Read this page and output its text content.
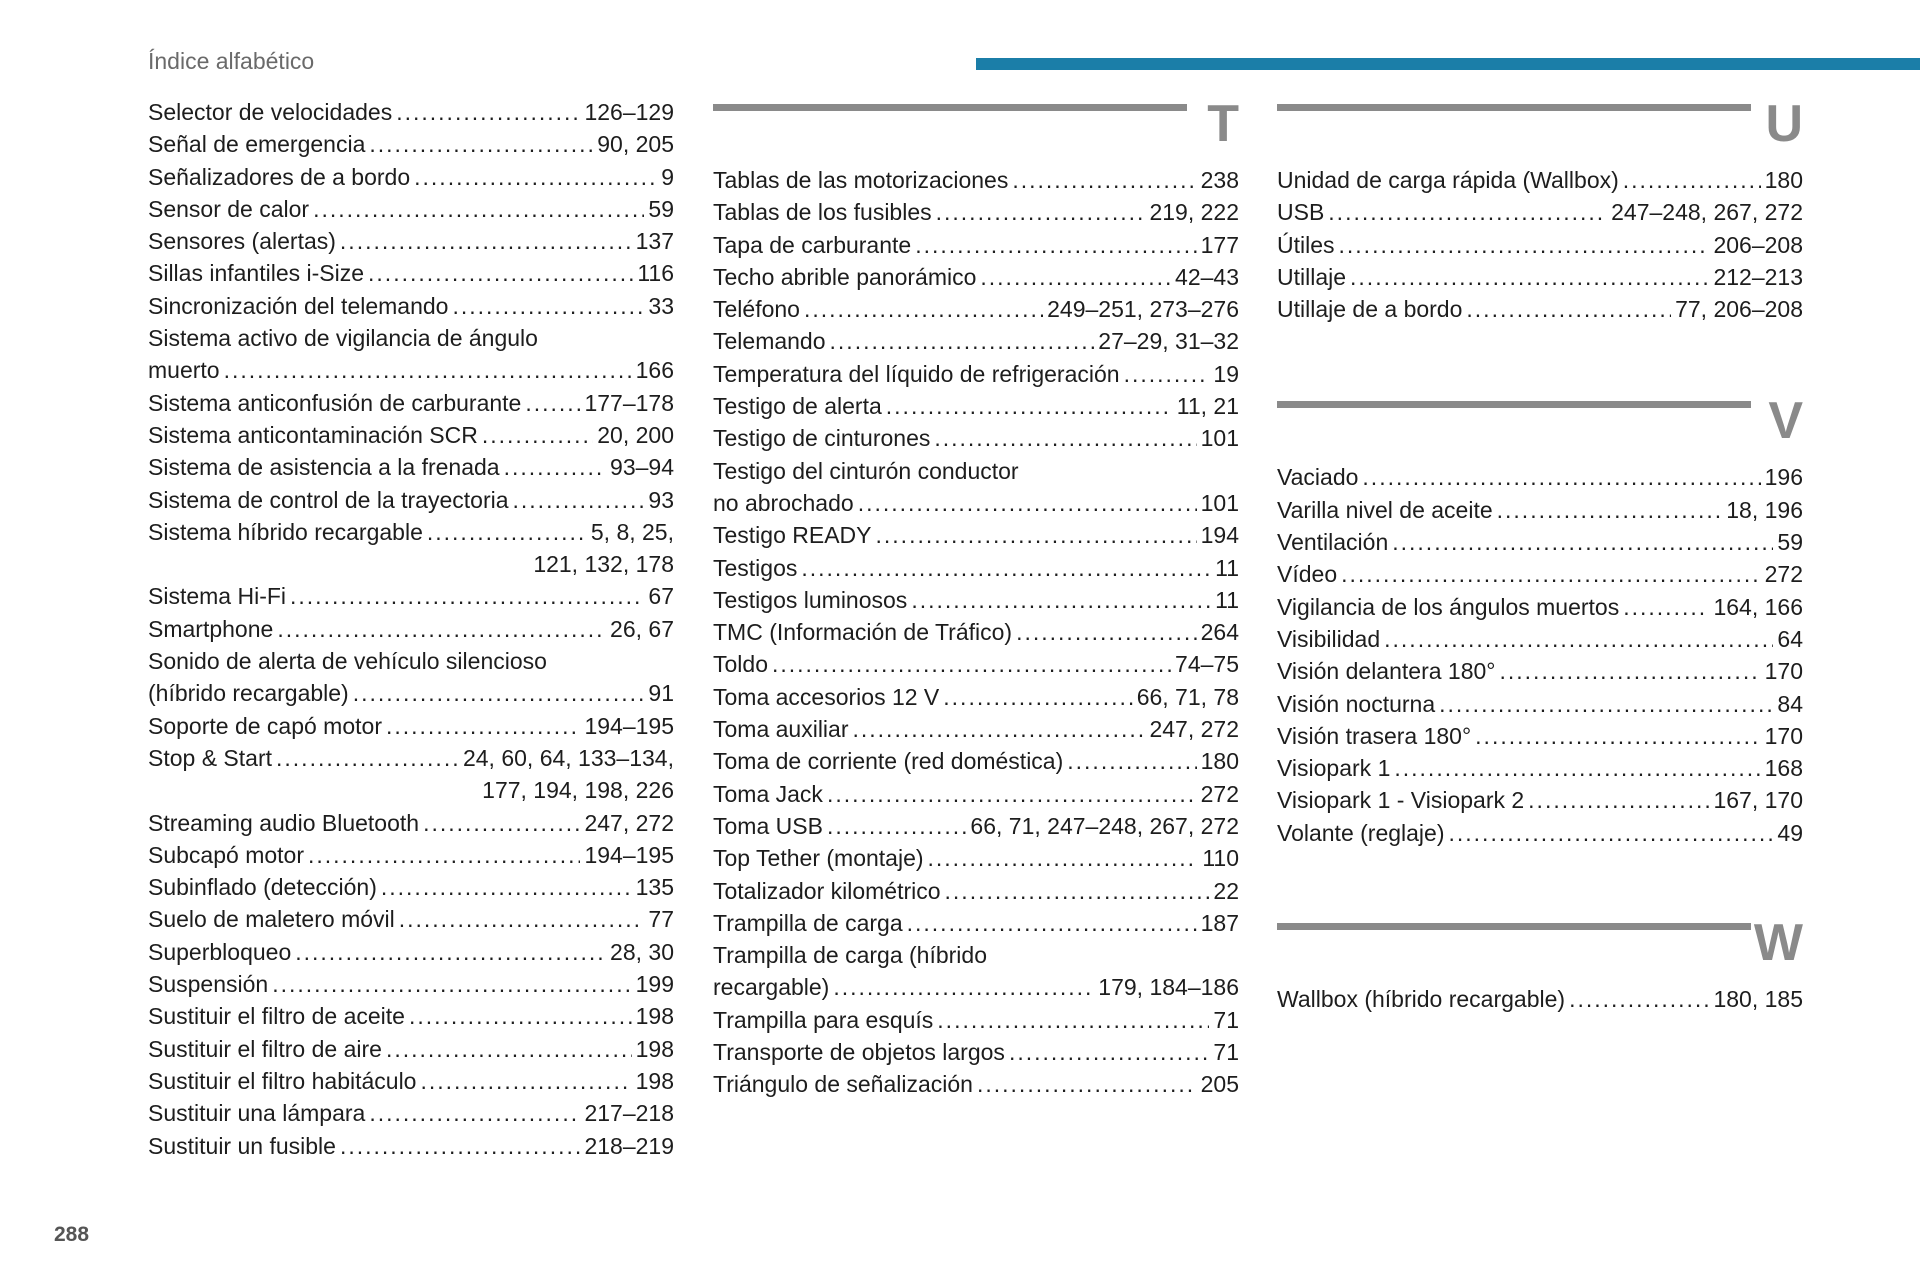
Índice alfabético
Selector de velocidades .....	126–129
Señal de emergencia .....	90, 205
Señalizadores de a bordo .....	9
Sensor de calor .....	59
Sensores (alertas) .....	137
Sillas infantiles i-Size .....	116
Sincronización del telemando .....	33
Sistema activo de vigilancia de ángulo
muerto .....	166
Sistema anticonfusión de carburante .....	177–178
Sistema anticontaminación SCR .....	20, 200
Sistema de asistencia a la frenada .....	93–94
Sistema de control de la trayectoria .....	93
Sistema híbrido recargable .....	5, 8, 25,
121, 132, 178
Sistema Hi-Fi .....	67
Smartphone .....	26, 67
Sonido de alerta de vehículo silencioso
(híbrido recargable) .....	91
Soporte de capó motor .....	194–195
Stop & Start .....	24, 60, 64, 133–134,
177, 194, 198, 226
Streaming audio Bluetooth .....	247, 272
Subcapó motor .....	194–195
Subinflado (detección) .....	135
Suelo de maletero móvil .....	77
Superbloqueo .....	28, 30
Suspensión .....	199
Sustituir el filtro de aceite .....	198
Sustituir el filtro de aire .....	198
Sustituir el filtro habitáculo .....	198
Sustituir una lámpara .....	217–218
Sustituir un fusible .....	218–219
T
Tablas de las motorizaciones .....	238
Tablas de los fusibles .....	219, 222
Tapa de carburante .....	177
Techo abrible panorámico .....	42–43
Teléfono .....	249–251, 273–276
Telemando .....	27–29, 31–32
Temperatura del líquido de refrigeración .....	19
Testigo de alerta .....	11, 21
Testigo de cinturones .....	101
Testigo del cinturón conductor
no abrochado .....	101
Testigo READY .....	194
Testigos .....	11
Testigos luminosos .....	11
TMC (Información de Tráfico) .....	264
Toldo .....	74–75
Toma accesorios 12 V .....	66, 71, 78
Toma auxiliar .....	247, 272
Toma de corriente (red doméstica) .....	180
Toma Jack .....	272
Toma USB .....	66, 71, 247–248, 267, 272
Top Tether (montaje) .....	110
Totalizador kilométrico .....	22
Trampilla de carga .....	187
Trampilla de carga (híbrido
recargable) .....	179, 184–186
Trampilla para esquís .....	71
Transporte de objetos largos .....	71
Triángulo de señalización .....	205
U
Unidad de carga rápida (Wallbox) .....	180
USB .....	247–248, 267, 272
Útiles .....	206–208
Utillaje .....	212–213
Utillaje de a bordo .....	77, 206–208
V
Vaciado .....	196
Varilla nivel de aceite .....	18, 196
Ventilación .....	59
Vídeo .....	272
Vigilancia de los ángulos muertos .....	164, 166
Visibilidad .....	64
Visión delantera 180° .....	170
Visión nocturna .....	84
Visión trasera 180° .....	170
Visiopark 1 .....	168
Visiopark 1 - Visiopark 2 .....	167, 170
Volante (reglaje) .....	49
W
Wallbox (híbrido recargable) .....	180, 185
288
